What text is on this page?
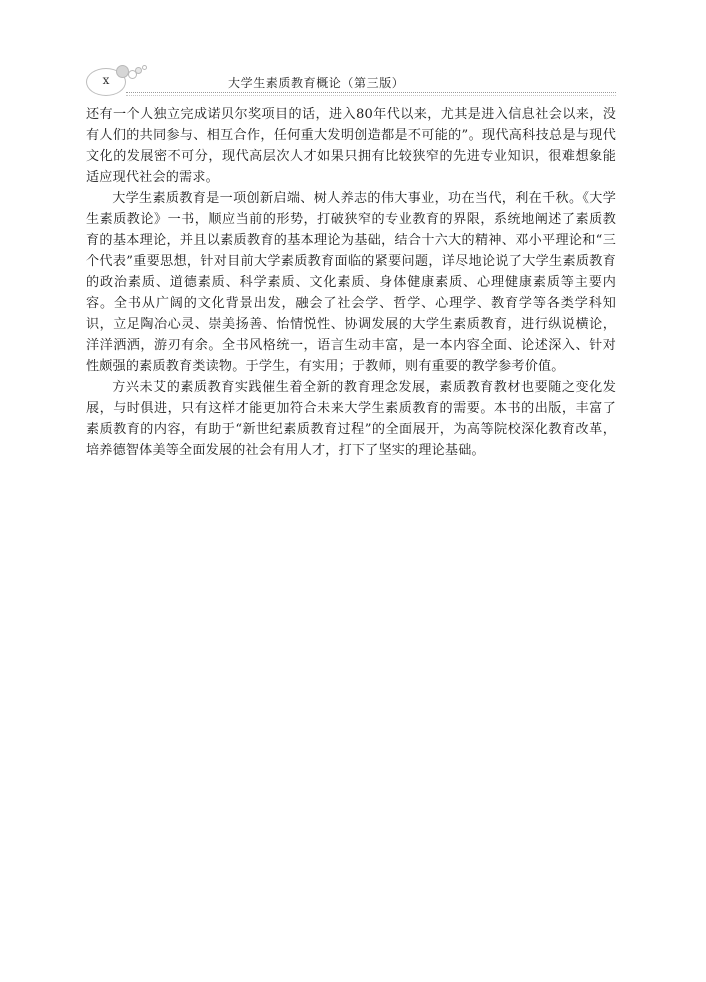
x	大学生素质教育概论（第三版）

还有一个人独立完成诺贝尔奖项目的话，进入80年代以来，尤其是进入信息社会以来，没有人们的共同参与、相互合作，任何重大发明创造都是不可能的”。现代高科技总是与现代文化的发展密不可分，现代高层次人才如果只拥有比较狭窄的先进专业知识，很难想象能适应现代社会的需求。

大学生素质教育是一项创新启端、树人养志的伟大事业，功在当代，利在千秋。《大学生素质教论》一书，顺应当前的形势，打破狭窄的专业教育的界限，系统地阐述了素质教育的基本理论，并且以素质教育的基本理论为基础，结合十六大的精神、邓小平理论和“三个代表”重要思想，针对目前大学素质教育面临的紧要问题，详尽地论说了大学生素质教育的政治素质、道德素质、科学素质、文化素质、身体健康素质、心理健康素质等主要内容。全书从广阔的文化背景出发，融会了社会学、哲学、心理学、教育学等各类学科知识，立足陶冶心灵、崇美扬善、怡情悦性、协调发展的大学生素质教育，进行纵说横论，洋洋洒洒，游刃有余。全书风格统一，语言生动丰富，是一本内容全面、论述深入、针对性颇强的素质教育类读物。于学生，有实用；于教师，则有重要的教学参考价值。

方兴未艾的素质教育实践催生着全新的教育理念发展，素质教育教材也要随之变化发展，与时俱进，只有这样才能更加符合未来大学生素质教育的需要。本书的出版，丰富了素质教育的内容，有助于“新世纪素质教育过程”的全面展开，为高等院校深化教育改革，培养德智体美等全面发展的社会有用人才，打下了坚实的理论基础。
